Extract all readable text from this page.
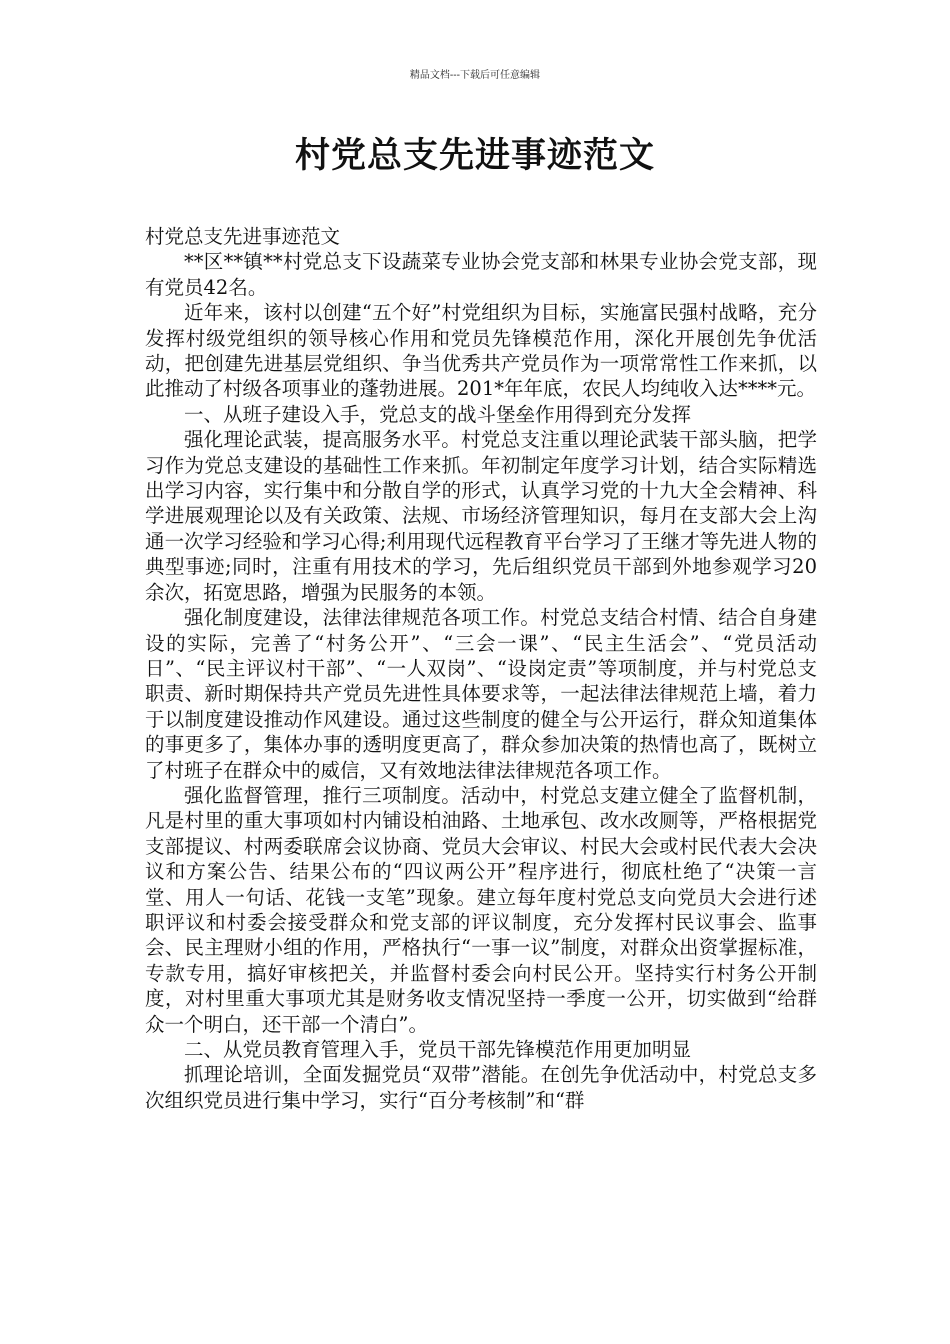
精品文档---下载后可任意编辑
村党总支先进事迹范文

村党总支先进事迹范文

**区**镇**村党总支下设蔬菜专业协会党支部和林果专业协会党支部，现有党员42名。

近年来，该村以创建“五个好”村党组织为目标，实施富民强村战略，充分发挥村级党组织的领导核心作用和党员先锋模范作用，深化开展创先争优活动，把创建先进基层党组织、争当优秀共产党员作为一项常常性工作来抓，以此推动了村级各项事业的蓬勃进展。201*年年底，农民人均纯收入达****元。

一、从班子建设入手，党总支的战斗堡垒作用得到充分发挥

强化理论武装，提高服务水平。村党总支注重以理论武装干部头脑，把学习作为党总支建设的基础性工作来抓。年初制定年度学习计划，结合实际精选出学习内容，实行集中和分散自学的形式，认真学习党的十九大全会精神、科学进展观理论以及有关政策、法规、市场经济管理知识，每月在支部大会上沟通一次学习经验和学习心得;利用现代远程教育平台学习了王继才等先进人物的典型事迹;同时，注重有用技术的学习，先后组织党员干部到外地参观学习20余次，拓宽思路，增强为民服务的本领。

强化制度建设，法律法律规范各项工作。村党总支结合村情、结合自身建设的实际，完善了“村务公开”、“三会一课”、“民主生活会”、“党员活动日”、“民主评议村干部”、“一人双岗”、“设岗定责”等项制度，并与村党总支职责、新时期保持共产党员先进性具体要求等，一起法律法律规范上墙，着力于以制度建设推动作风建设。通过这些制度的健全与公开运行，群众知道集体的事更多了，集体办事的透明度更高了，群众参加决策的热情也高了，既树立了村班子在群众中的威信，又有效地法律法律规范各项工作。

强化监督管理，推行三项制度。活动中，村党总支建立健全了监督机制，凡是村里的重大事项如村内铺设柏油路、土地承包、改水改厕等，严格根据党支部提议、村两委联席会议协商、党员大会审议、村民大会或村民代表大会决议和方案公告、结果公布的“四议两公开”程序进行，彻底杜绝了“决策一言堂、用人一句话、花钱一支笔”现象。建立每年度村党总支向党员大会进行述职评议和村委会接受群众和党支部的评议制度，充分发挥村民议事会、监事会、民主理财小组的作用，严格执行“一事一议”制度，对群众出资掌握标准，专款专用，搞好审核把关，并监督村委会向村民公开。坚持实行村务公开制度，对村里重大事项尤其是财务收支情况坚持一季度一公开，切实做到“给群众一个明白，还干部一个清白”。

二、从党员教育管理入手，党员干部先锋模范作用更加明显

抓理论培训，全面发掘党员“双带”潜能。在创先争优活动中，村党总支多次组织党员进行集中学习，实行“百分考核制”和“群
